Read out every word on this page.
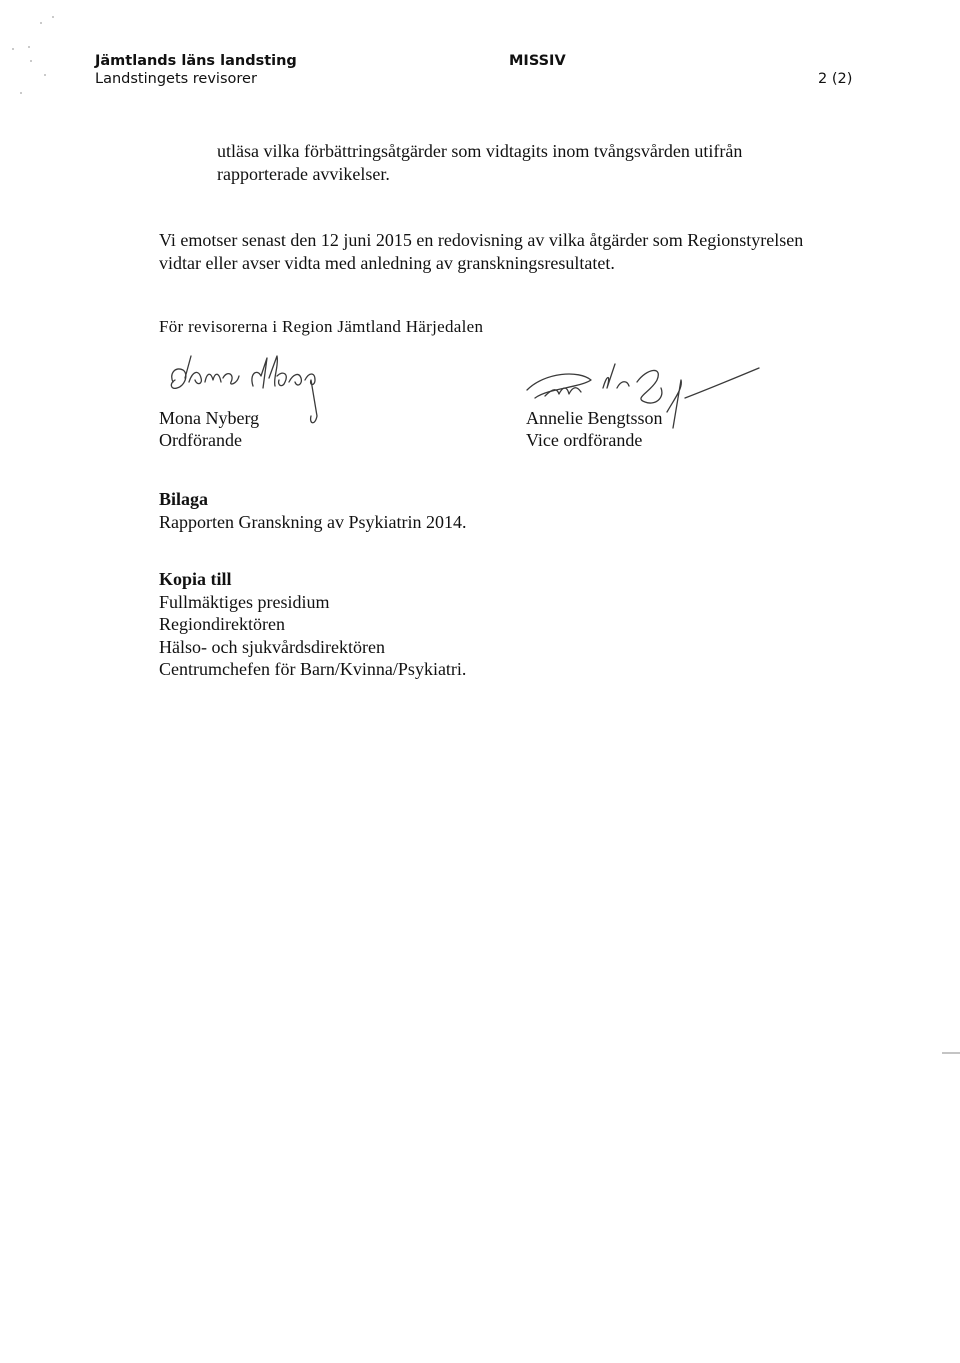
Jämtlands läns landsting
Landstingets revisorer
MISSIV
2 (2)

utläsa vilka förbättringsåtgärder som vidtagits inom tvångsvården utifrån rapporterade avvikelser.

Vi emotser senast den 12 juni 2015 en redovisning av vilka åtgärder som Regionstyrelsen vidtar eller avser vidta med anledning av granskningsresultatet.

För revisorerna i Region Jämtland Härjedalen
Mona Nyberg
Ordförande
Annelie Bengtsson
Vice ordförande
Bilaga
Rapporten Granskning av Psykiatrin 2014.
Kopia till
Fullmäktiges presidium
Regiondirektören
Hälso- och sjukvårdsdirektören
Centrumchefen för Barn/Kvinna/Psykiatri.
